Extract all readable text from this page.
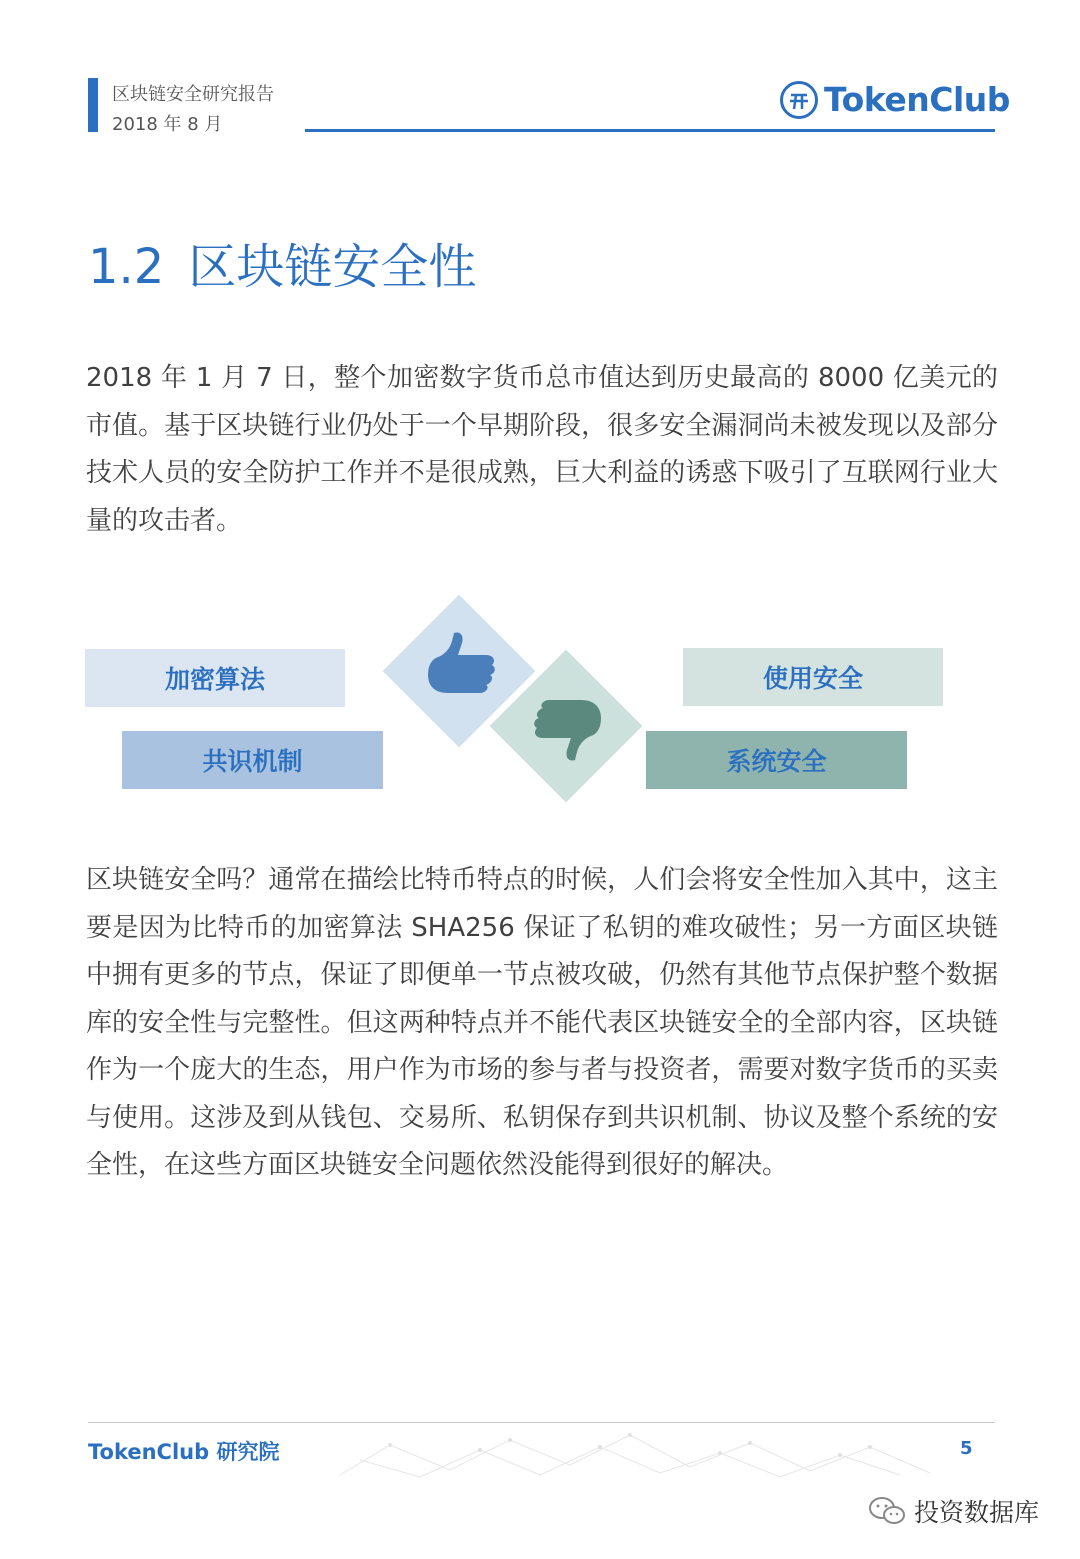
区块链安全研究报告
2018 年 8 月
TokenClub
1.2 区块链安全性
2018 年 1 月 7 日，整个加密数字货币总市值达到历史最高的 8000 亿美元的市值。基于区块链行业仍处于一个早期阶段，很多安全漏洞尚未被发现以及部分技术人员的安全防护工作并不是很成熟，巨大利益的诱惑下吸引了互联网行业大量的攻击者。
加密算法
共识机制
使用安全
系统安全
区块链安全吗？通常在描绘比特币特点的时候，人们会将安全性加入其中，这主要是因为比特币的加密算法 SHA256 保证了私钥的难攻破性；另一方面区块链中拥有更多的节点，保证了即便单一节点被攻破，仍然有其他节点保护整个数据库的安全性与完整性。但这两种特点并不能代表区块链安全的全部内容，区块链作为一个庞大的生态，用户作为市场的参与者与投资者，需要对数字货币的买卖与使用。这涉及到从钱包、交易所、私钥保存到共识机制、协议及整个系统的安全性，在这些方面区块链安全问题依然没能得到很好的解决。
TokenClub 研究院	5
投资数据库
